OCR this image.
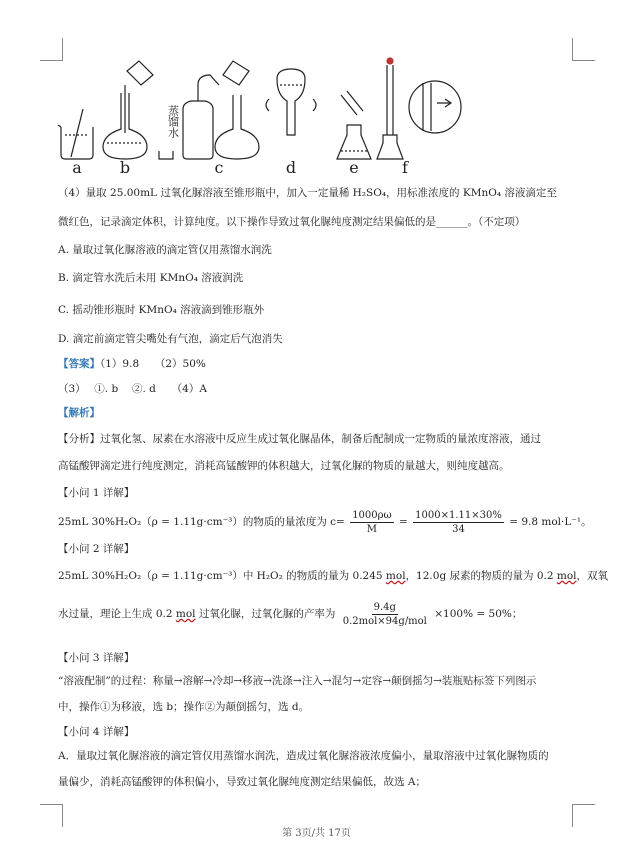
a b	c	d	e	f
蒸馏水
（4）量取 25.00mL 过氧化脲溶液至锥形瓶中，加入一定量稀 H₂SO₄，用标准浓度的 KMnO₄ 溶液滴定至
微红色，记录滴定体积，计算纯度。以下操作导致过氧化脲纯度测定结果偏低的是______。（不定项）
A. 量取过氧化脲溶液的滴定管仅用蒸馏水润洗
B. 滴定管水洗后未用 KMnO₄ 溶液润洗
C. 摇动锥形瓶时 KMnO₄ 溶液滴到锥形瓶外
D. 滴定前滴定管尖嘴处有气泡，滴定后气泡消失
【答案】（1）9.8　　（2）50%
（3）　 ①. b　 ②. d　　（4）A
【解析】
【分析】过氧化氢、尿素在水溶液中反应生成过氧化脲晶体，制备后配制成一定物质的量浓度溶液，通过
高锰酸钾滴定进行纯度测定，消耗高锰酸钾的体积越大，过氧化脲的物质的量越大，则纯度越高。
【小问 1 详解】
25mL 30%H₂O₂（ρ = 1.11g·cm⁻³）的物质的量浓度为 $c= \frac{1000\rho\omega}{M} = \frac{1000\times 1.11\times 30\%}{34} = 9.8$ mol·L⁻¹。
【小问 2 详解】
25mL 30%H₂O₂（ρ = 1.11g·cm⁻³）中 H₂O₂ 的物质的量为 0.245 mol，12.0g 尿素的物质的量为 0.2 mol，双氧
水过量，理论上生成 0.2 mol 过氧化脲，过氧化脲的产率为 $\frac{9.4g}{\text{0.2mol×94g/mol}} \times 100\% = 50\%$；
【小问 3 详解】
“溶液配制”的过程：称量→溶解→冷却→移液→洗涤→注入→混匀→定容→颠倒摇匀→装瓶贴标签下列图示
中，操作①为移液，选 b；操作②为颠倒摇匀，选 d。
【小问 4 详解】
A．量取过氧化脲溶液的滴定管仅用蒸馏水润洗，造成过氧化脲溶液浓度偏小，量取溶液中过氧化脲物质的
量偏少，消耗高锰酸钾的体积偏小，导致过氧化脲纯度测定结果偏低，故选 A；
第 3页/共 17页
